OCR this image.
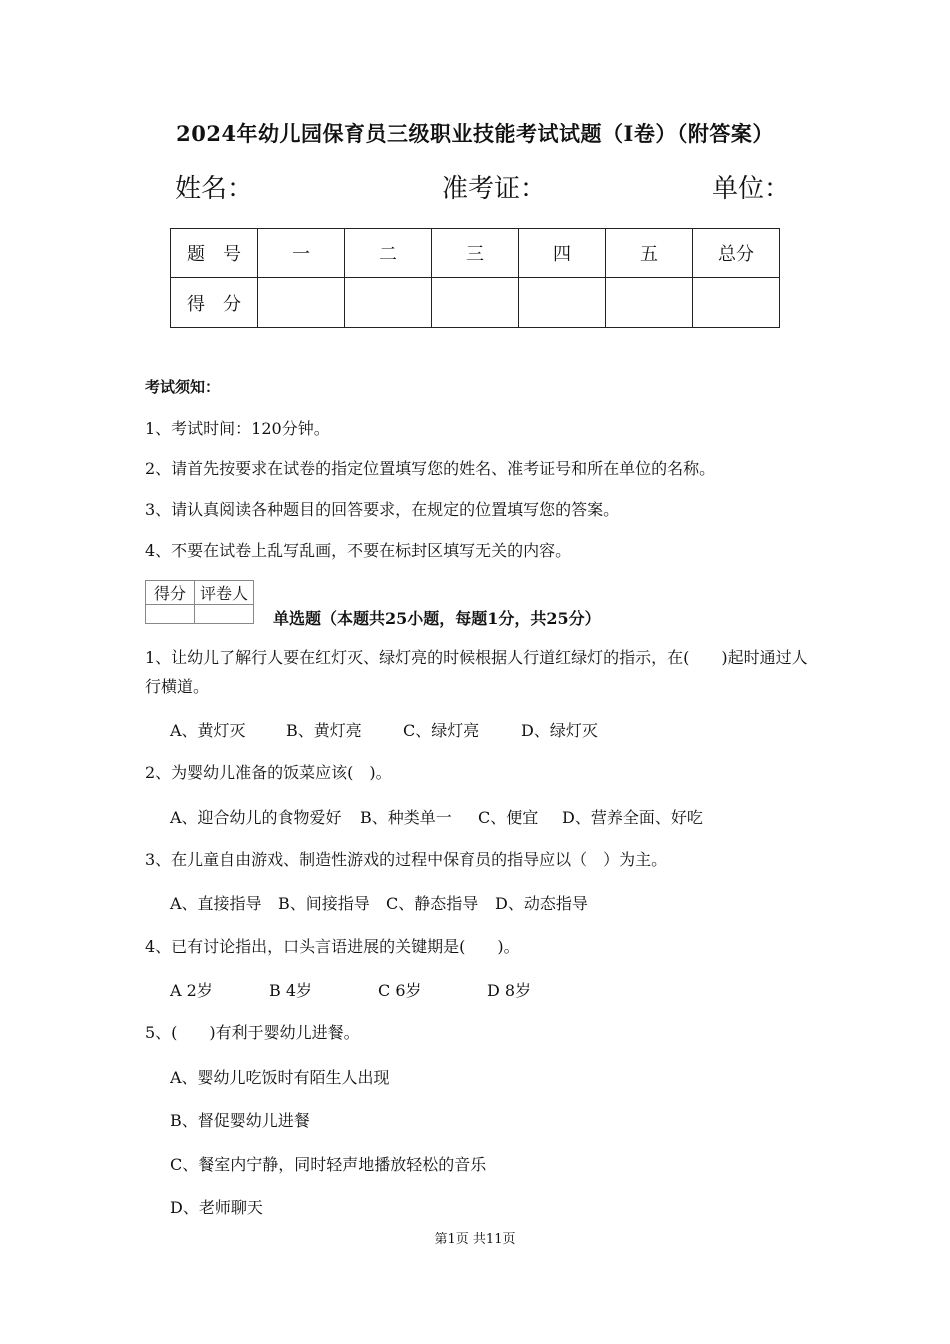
2024年幼儿园保育员三级职业技能考试试题（I卷）（附答案）
姓名：	准考证：	单位：
题　号	一	二	三	四	五	总分
得　分						
考试须知：
1、考试时间：120分钟。
2、请首先按要求在试卷的指定位置填写您的姓名、准考证号和所在单位的名称。
3、请认真阅读各种题目的回答要求，在规定的位置填写您的答案。
4、不要在试卷上乱写乱画，不要在标封区填写无关的内容。
得分	评卷人

单选题（本题共25小题，每题1分，共25分）
1、让幼儿了解行人要在红灯灭、绿灯亮的时候根据人行道红绿灯的指示，在(　　)起时通过人行横道。
A、黄灯灭	B、黄灯亮	C、绿灯亮	D、绿灯灭
2、为婴幼儿准备的饭菜应该(　)。
A、迎合幼儿的食物爱好 B、种类单一 C、便宜 D、营养全面、好吃
3、在儿童自由游戏、制造性游戏的过程中保育员的指导应以（　）为主。
A、直接指导 B、间接指导 C、静态指导 D、动态指导
4、已有讨论指出，口头言语进展的关键期是(　　)。
A 2岁	B 4岁	C 6岁	D 8岁
5、(　　)有利于婴幼儿进餐。
A、婴幼儿吃饭时有陌生人出现
B、督促婴幼儿进餐
C、餐室内宁静，同时轻声地播放轻松的音乐
D、老师聊天
第1页 共11页
